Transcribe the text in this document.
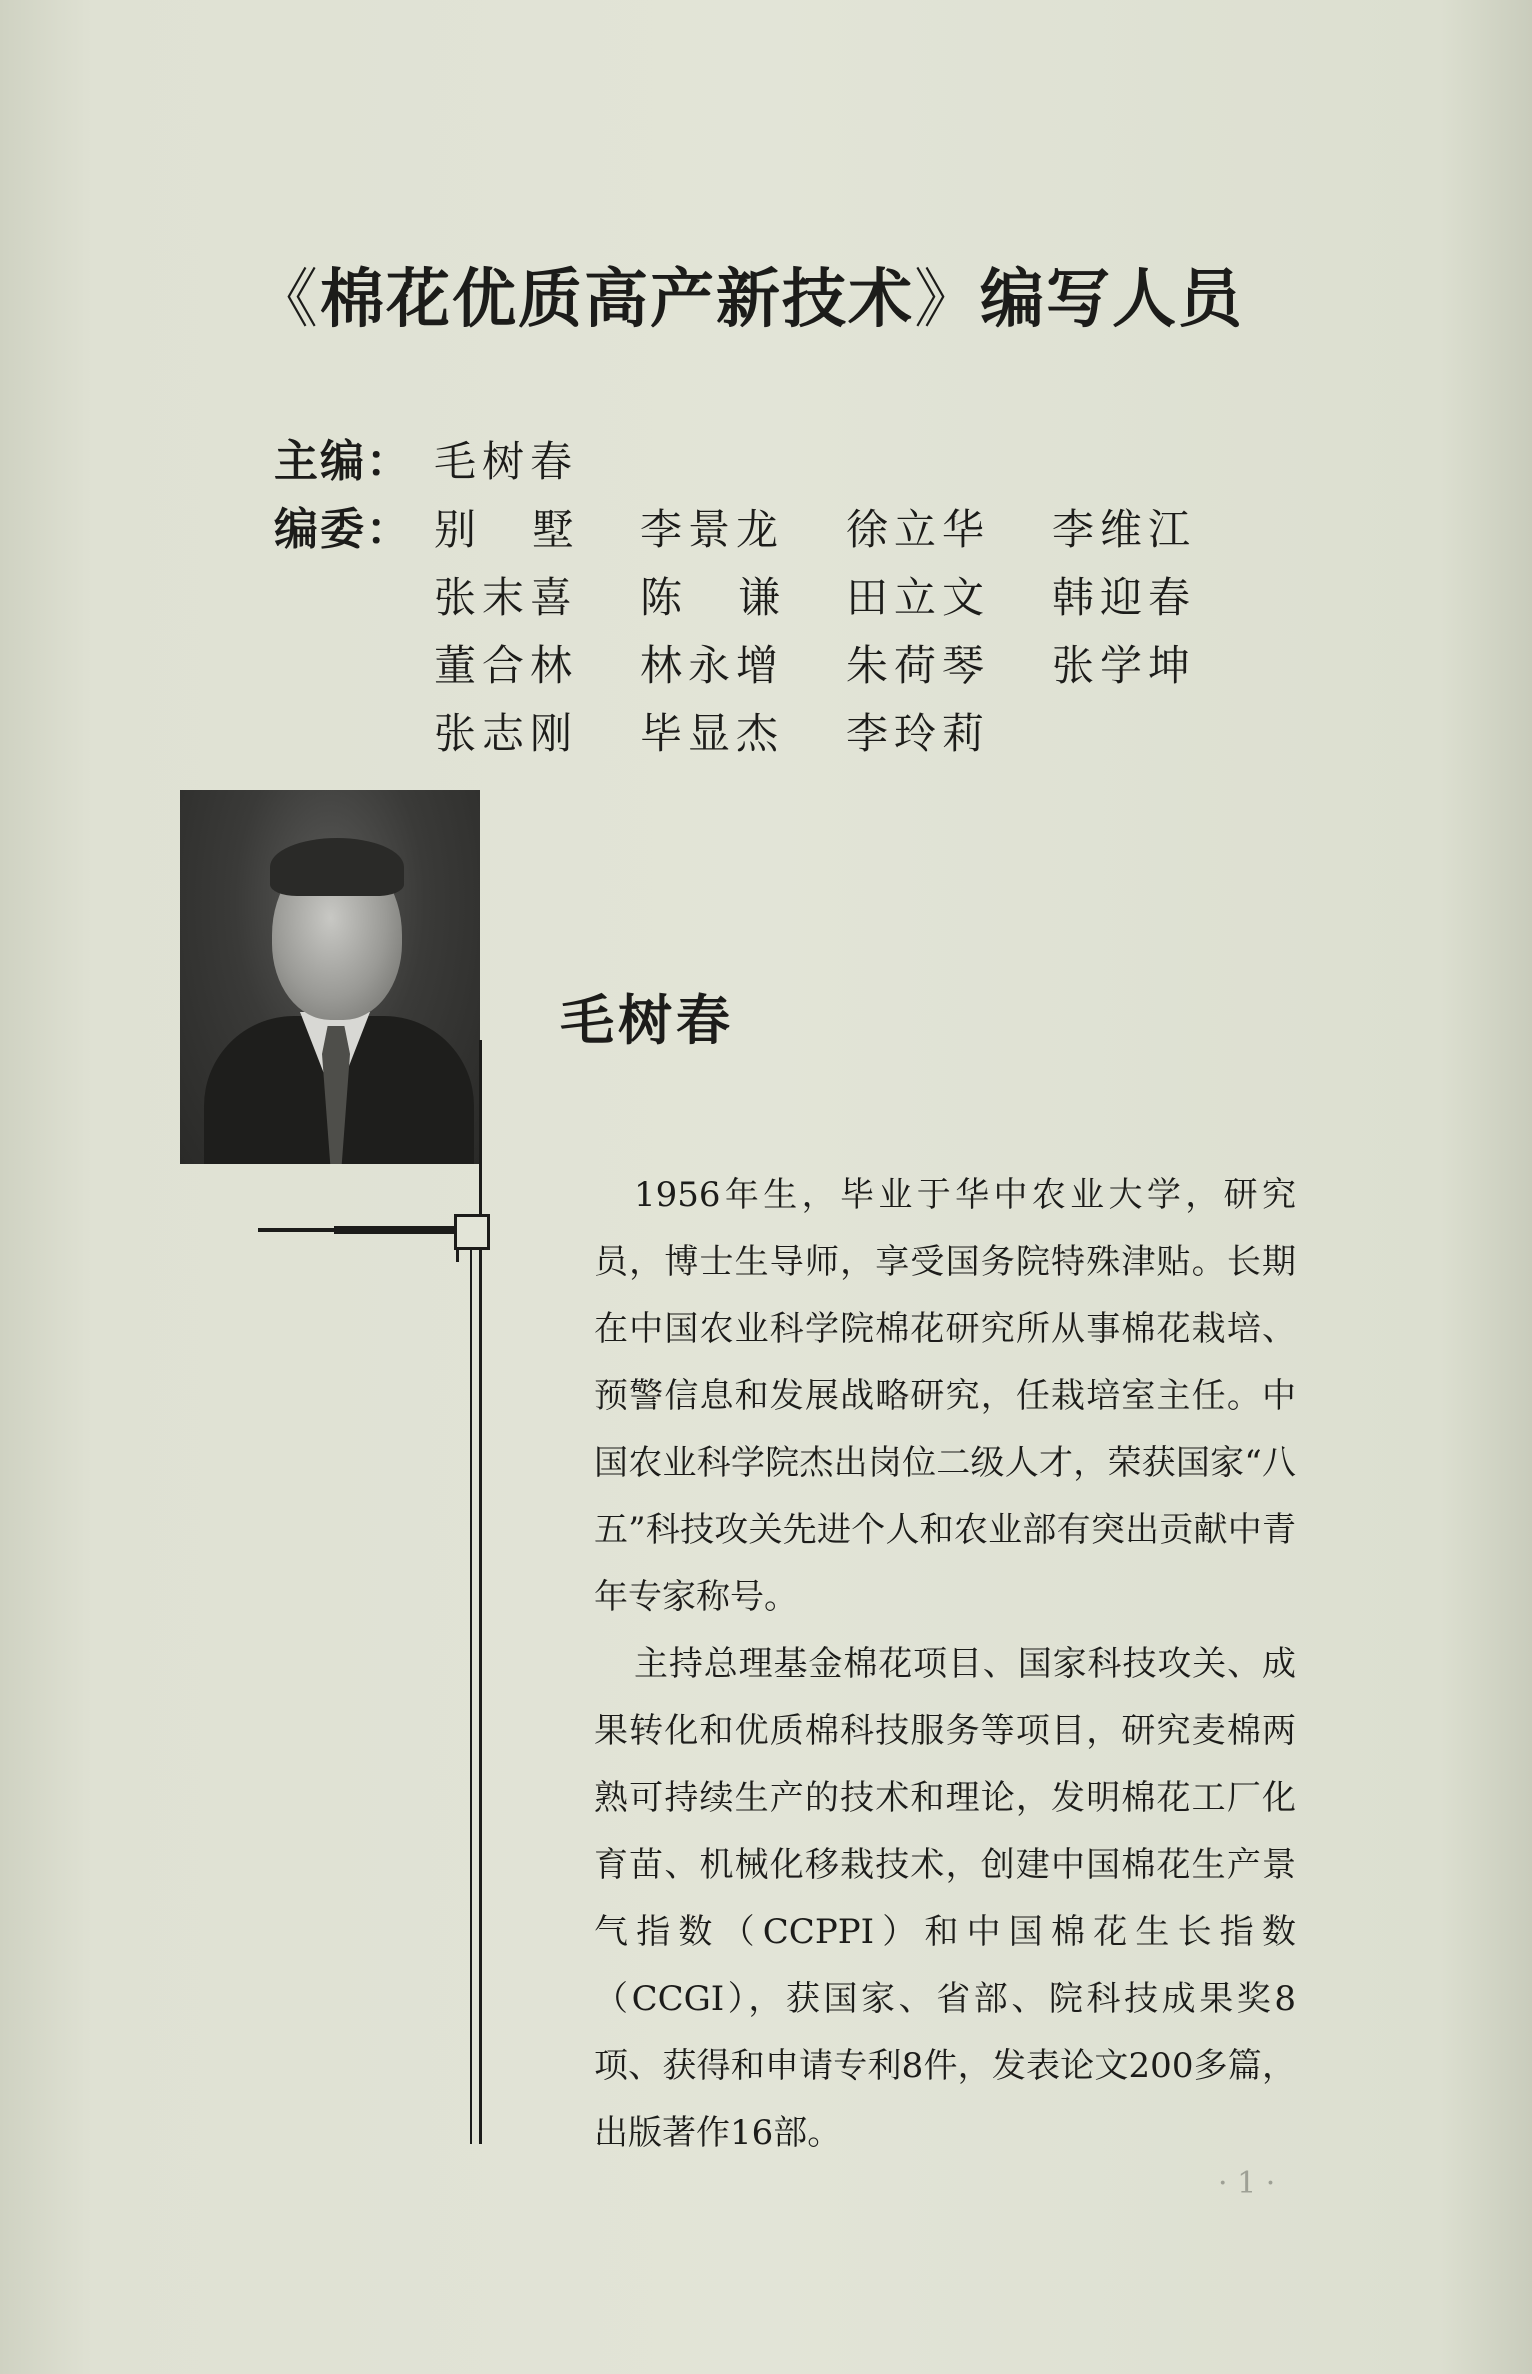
《棉花优质高产新技术》编写人员
主编： 毛树春
编委： 别墅 李景龙	徐立华	李维江
张末喜	陈谦 田立文	韩迎春
董合林	林永增	朱荷琴	张学坤
张志刚	毕显杰	李玲莉

毛树春

1956年生，毕业于华中农业大学，研究员，博士生导师，享受国务院特殊津贴。长期在中国农业科学院棉花研究所从事棉花栽培、预警信息和发展战略研究，任栽培室主任。中国农业科学院杰出岗位二级人才，荣获国家“八五”科技攻关先进个人和农业部有突出贡献中青年专家称号。

主持总理基金棉花项目、国家科技攻关、成果转化和优质棉科技服务等项目，研究麦棉两熟可持续生产的技术和理论，发明棉花工厂化育苗、机械化移栽技术，创建中国棉花生产景气指数（CCPPI）和中国棉花生长指数（CCGI），获国家、省部、院科技成果奖8项、获得和申请专利8件，发表论文200多篇，出版著作16部。

· 1 ·
